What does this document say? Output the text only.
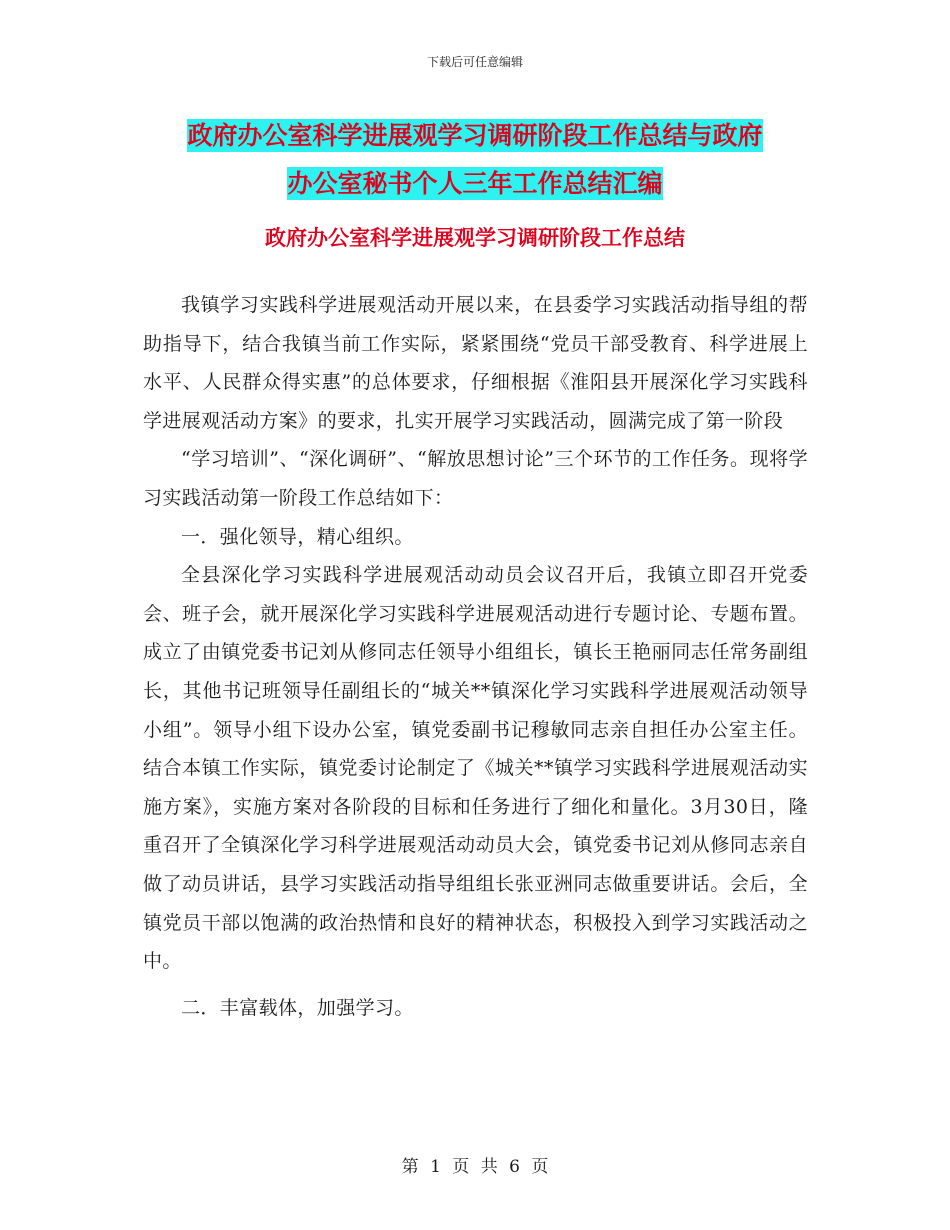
下载后可任意编辑
政府办公室科学进展观学习调研阶段工作总结与政府
办公室秘书个人三年工作总结汇编
政府办公室科学进展观学习调研阶段工作总结

我镇学习实践科学进展观活动开展以来，在县委学习实践活动指导组的帮助指导下，结合我镇当前工作实际，紧紧围绕“党员干部受教育、科学进展上水平、人民群众得实惠”的总体要求，仔细根据《淮阳县开展深化学习实践科学进展观活动方案》的要求，扎实开展学习实践活动，圆满完成了第一阶段

“学习培训”、“深化调研”、“解放思想讨论”三个环节的工作任务。现将学习实践活动第一阶段工作总结如下：

一．强化领导，精心组织。

全县深化学习实践科学进展观活动动员会议召开后，我镇立即召开党委会、班子会，就开展深化学习实践科学进展观活动进行专题讨论、专题布置。成立了由镇党委书记刘从修同志任领导小组组长，镇长王艳丽同志任常务副组长，其他书记班领导任副组长的“城关**镇深化学习实践科学进展观活动领导小组”。领导小组下设办公室，镇党委副书记穆敏同志亲自担任办公室主任。结合本镇工作实际，镇党委讨论制定了《城关**镇学习实践科学进展观活动实施方案》，实施方案对各阶段的目标和任务进行了细化和量化。3月30日，隆重召开了全镇深化学习科学进展观活动动员大会，镇党委书记刘从修同志亲自做了动员讲话，县学习实践活动指导组组长张亚洲同志做重要讲话。会后，全镇党员干部以饱满的政治热情和良好的精神状态，积极投入到学习实践活动之中。

二．丰富载体，加强学习。

第 1 页 共 6 页
